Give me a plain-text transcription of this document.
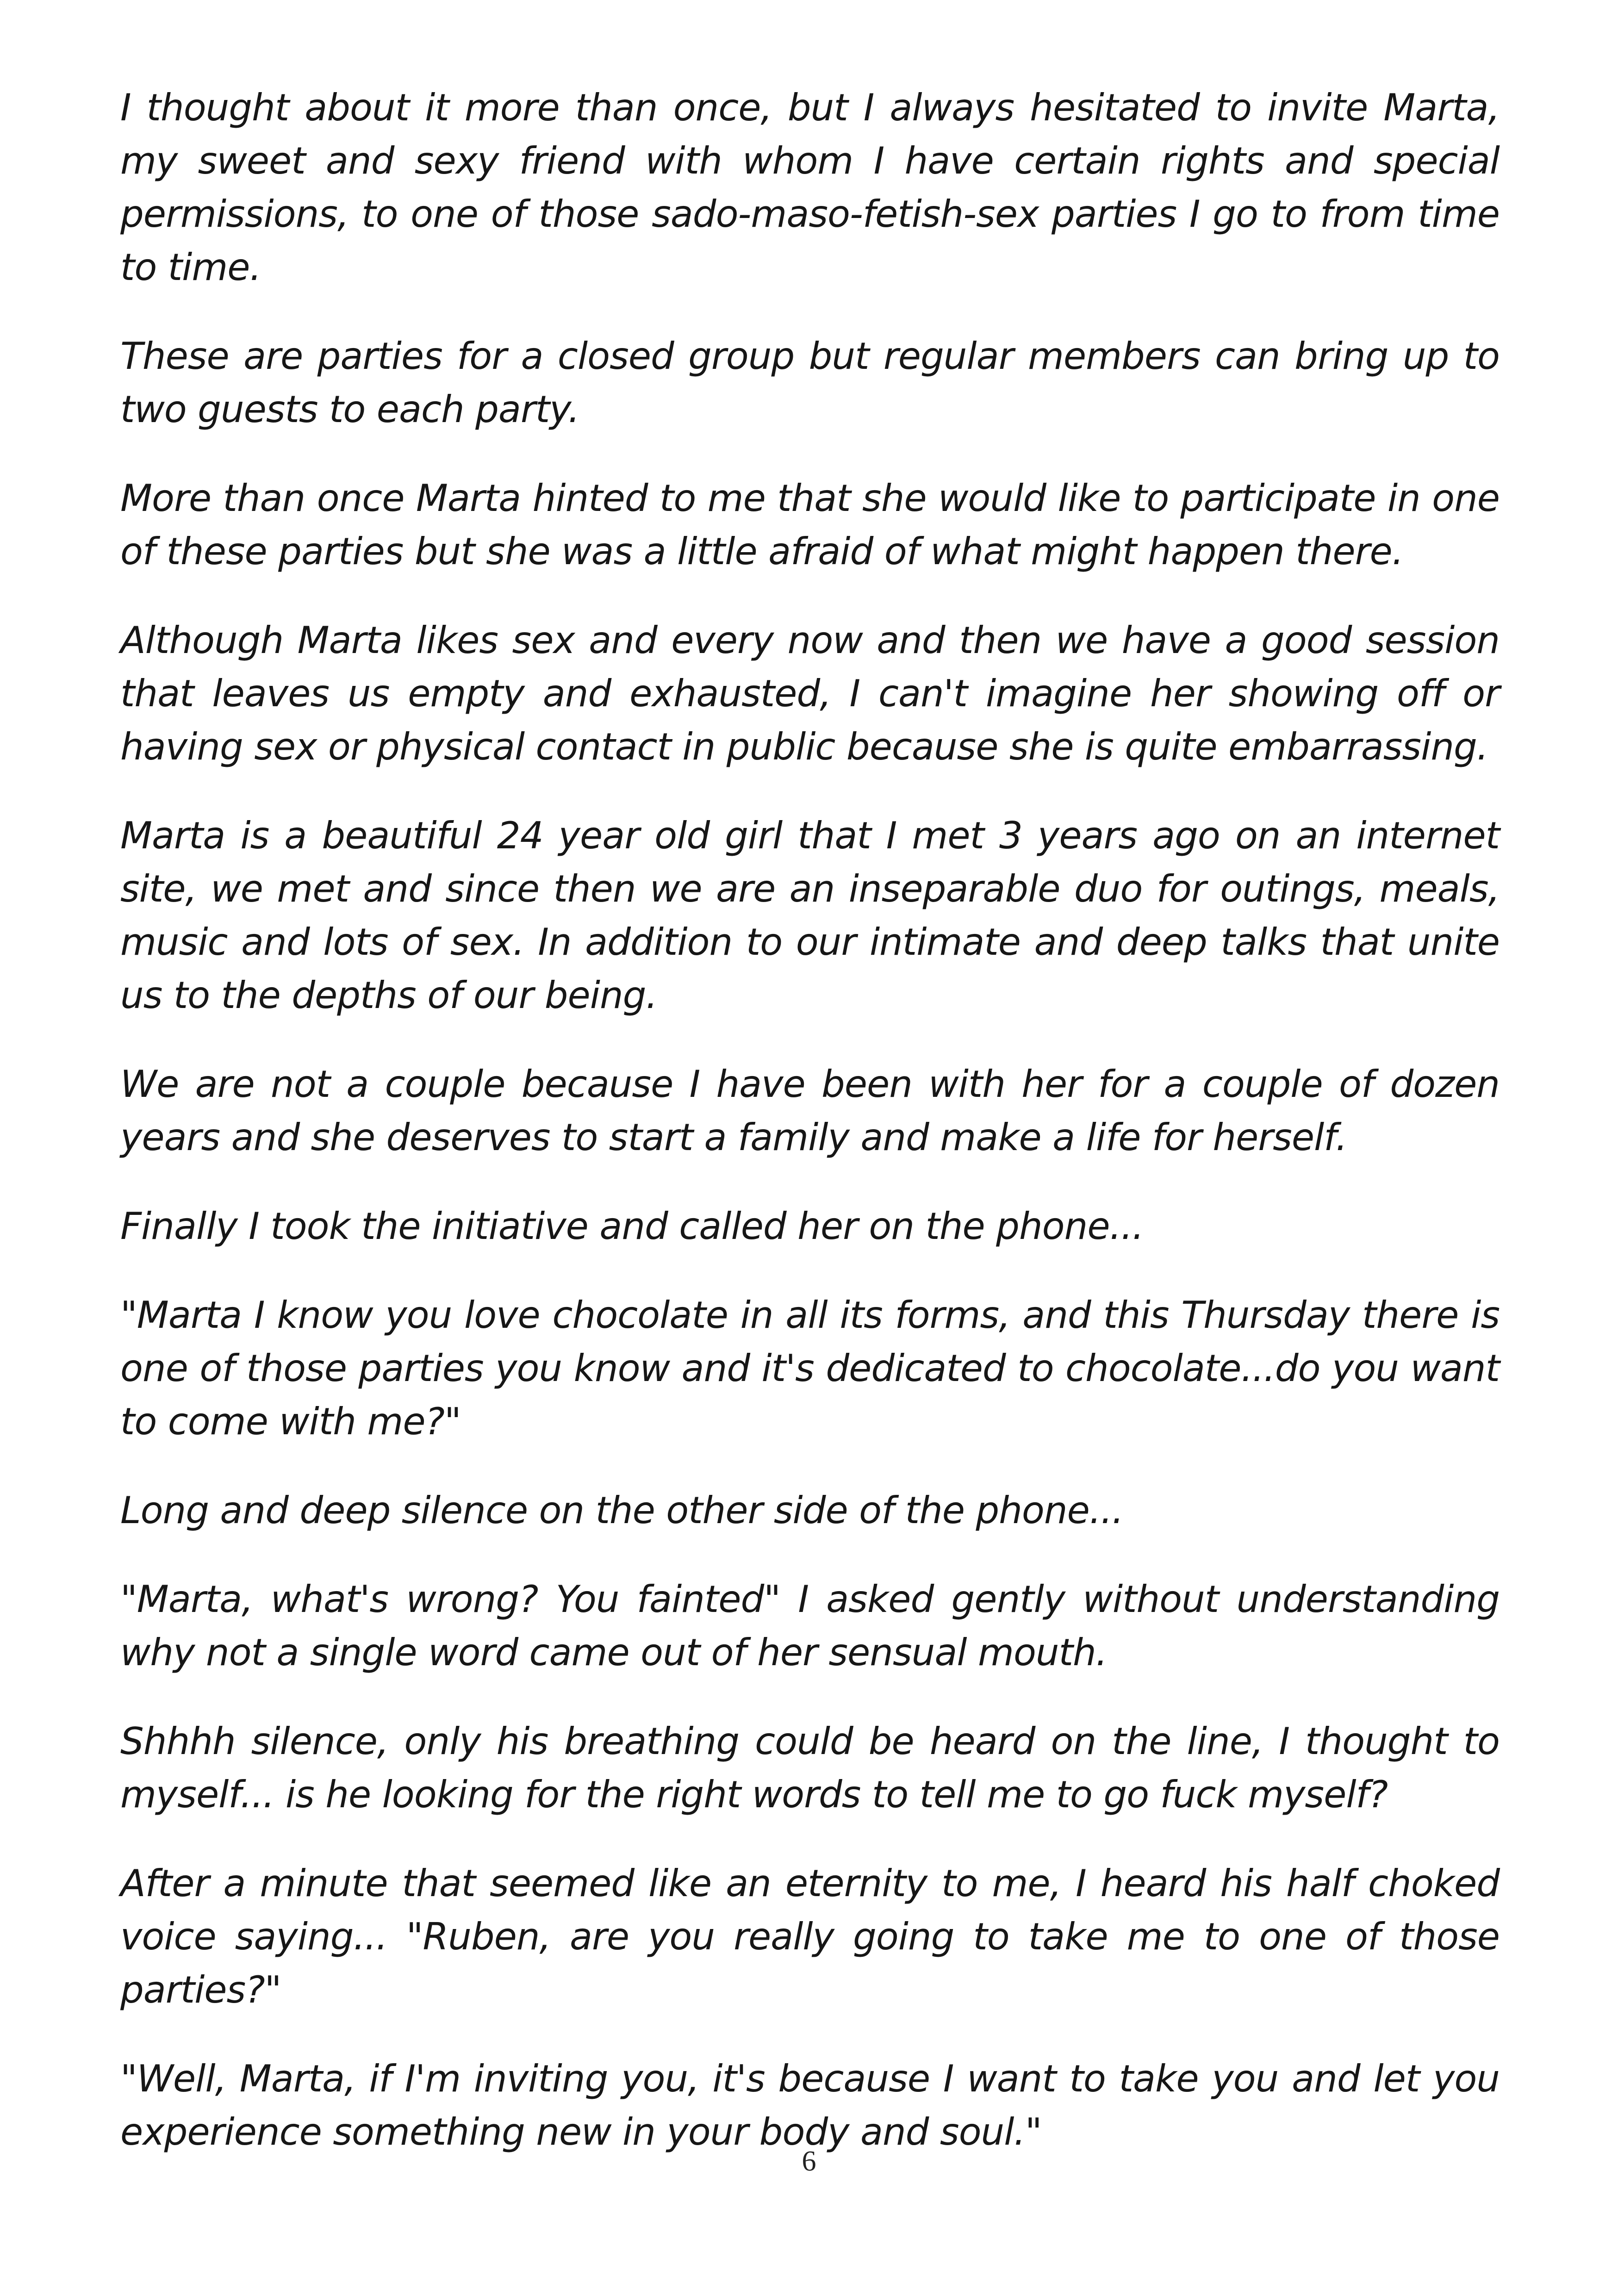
I thought about it more than once, but I always hesitated to invite Marta, my sweet and sexy friend with whom I have certain rights and special permissions, to one of those sado-maso-fetish-sex parties I go to from time to time.

These are parties for a closed group but regular members can bring up to two guests to each party.

More than once Marta hinted to me that she would like to participate in one of these parties but she was a little afraid of what might happen there.

Although Marta likes sex and every now and then we have a good session that leaves us empty and exhausted, I can't imagine her showing off or having sex or physical contact in public because she is quite embarrassing.

Marta is a beautiful 24 year old girl that I met 3 years ago on an internet site, we met and since then we are an inseparable duo for outings, meals, music and lots of sex. In addition to our intimate and deep talks that unite us to the depths of our being.

We are not a couple because I have been with her for a couple of dozen years and she deserves to start a family and make a life for herself.

Finally I took the initiative and called her on the phone...

"Marta I know you love chocolate in all its forms, and this Thursday there is one of those parties you know and it's dedicated to chocolate...do you want to come with me?"

Long and deep silence on the other side of the phone...

"Marta, what's wrong? You fainted" I asked gently without understanding why not a single word came out of her sensual mouth.

Shhhh silence, only his breathing could be heard on the line, I thought to myself... is he looking for the right words to tell me to go fuck myself?

After a minute that seemed like an eternity to me, I heard his half choked voice saying... "Ruben, are you really going to take me to one of those parties?"

"Well, Marta, if I'm inviting you, it's because I want to take you and let you experience something new in your body and soul."

6
